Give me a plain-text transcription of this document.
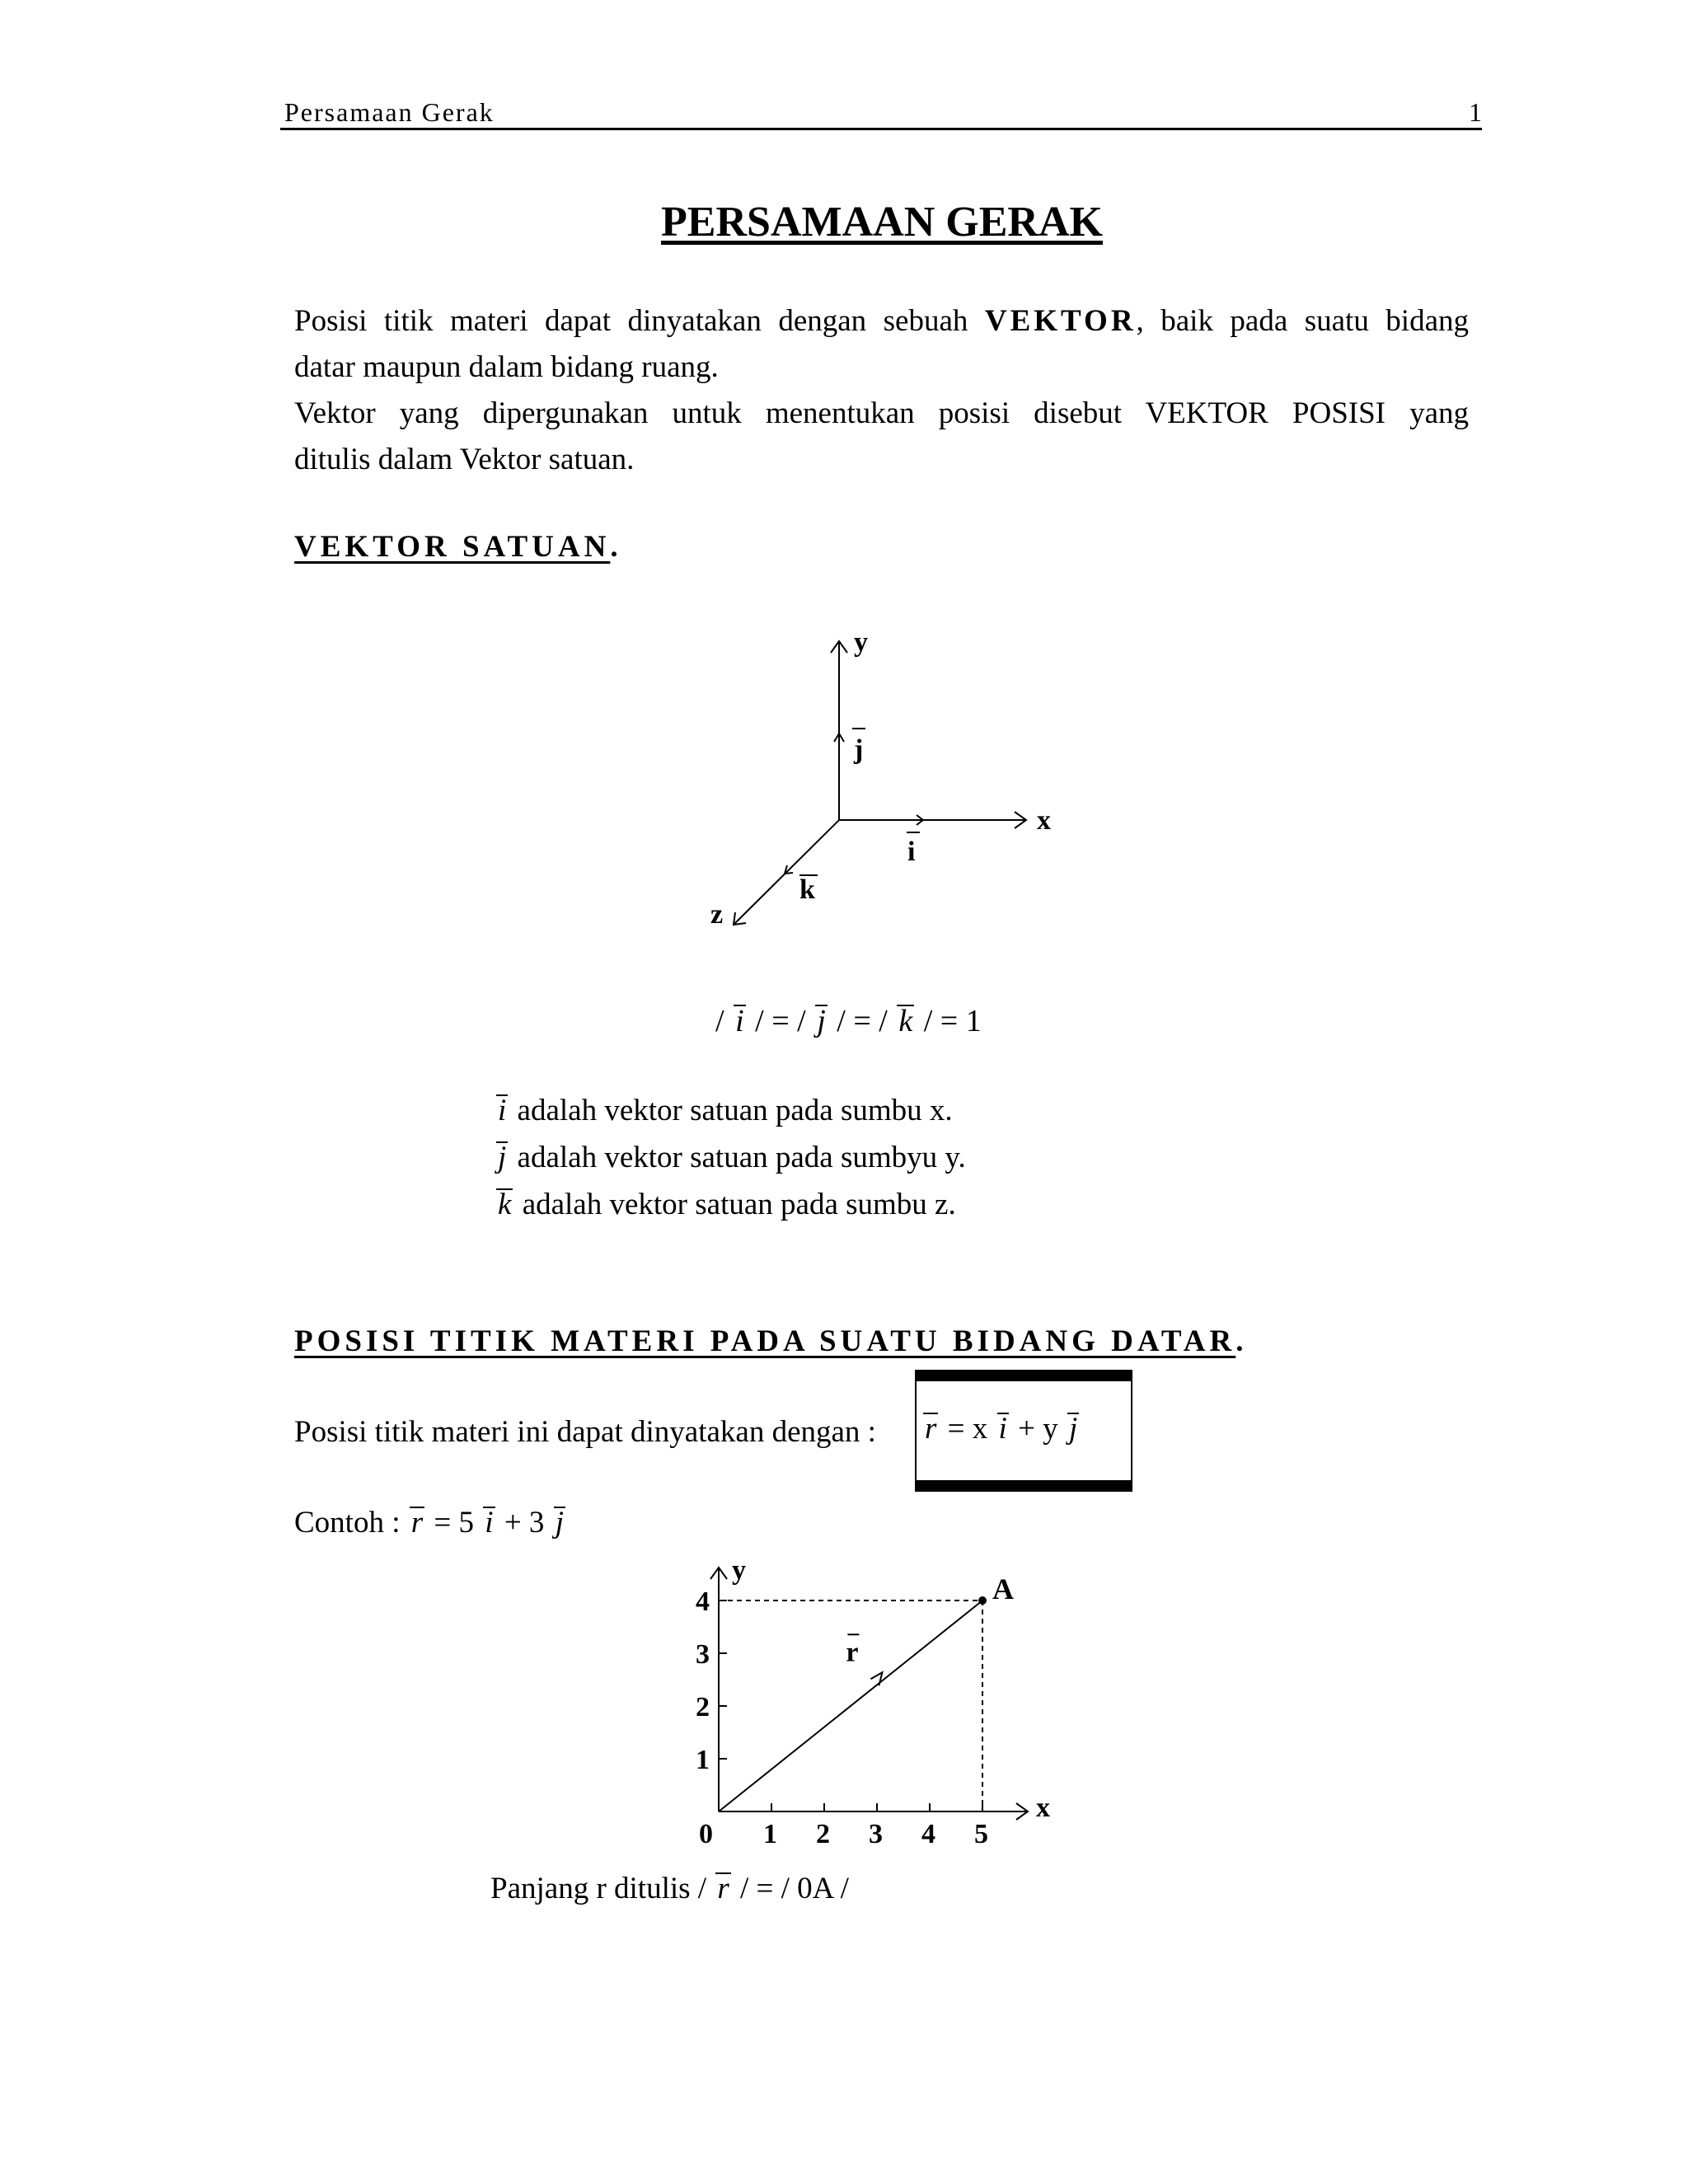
Persamaan Gerak	1
PERSAMAAN GERAK
Posisi titik materi dapat dinyatakan dengan sebuah VEKTOR, baik pada suatu bidang
datar maupun dalam bidang ruang.
Vektor yang dipergunakan untuk menentukan posisi disebut VEKTOR POSISI yang
ditulis dalam Vektor satuan.
VEKTOR SATUAN.
y
x
z
j
i
k
/ i / = / j / = / k / = 1
i adalah vektor satuan pada sumbu x.
j adalah vektor satuan pada sumbyu y.
k adalah vektor satuan pada sumbu z.
POSISI TITIK MATERI PADA SUATU BIDANG DATAR.
Posisi titik materi ini dapat dinyatakan dengan : r = x i + y j
Contoh : r = 5 i + 3 j
x
y
0 1 2 3 4 5
1
2
3
4	A
r
Panjang r ditulis / r / = / 0A /
